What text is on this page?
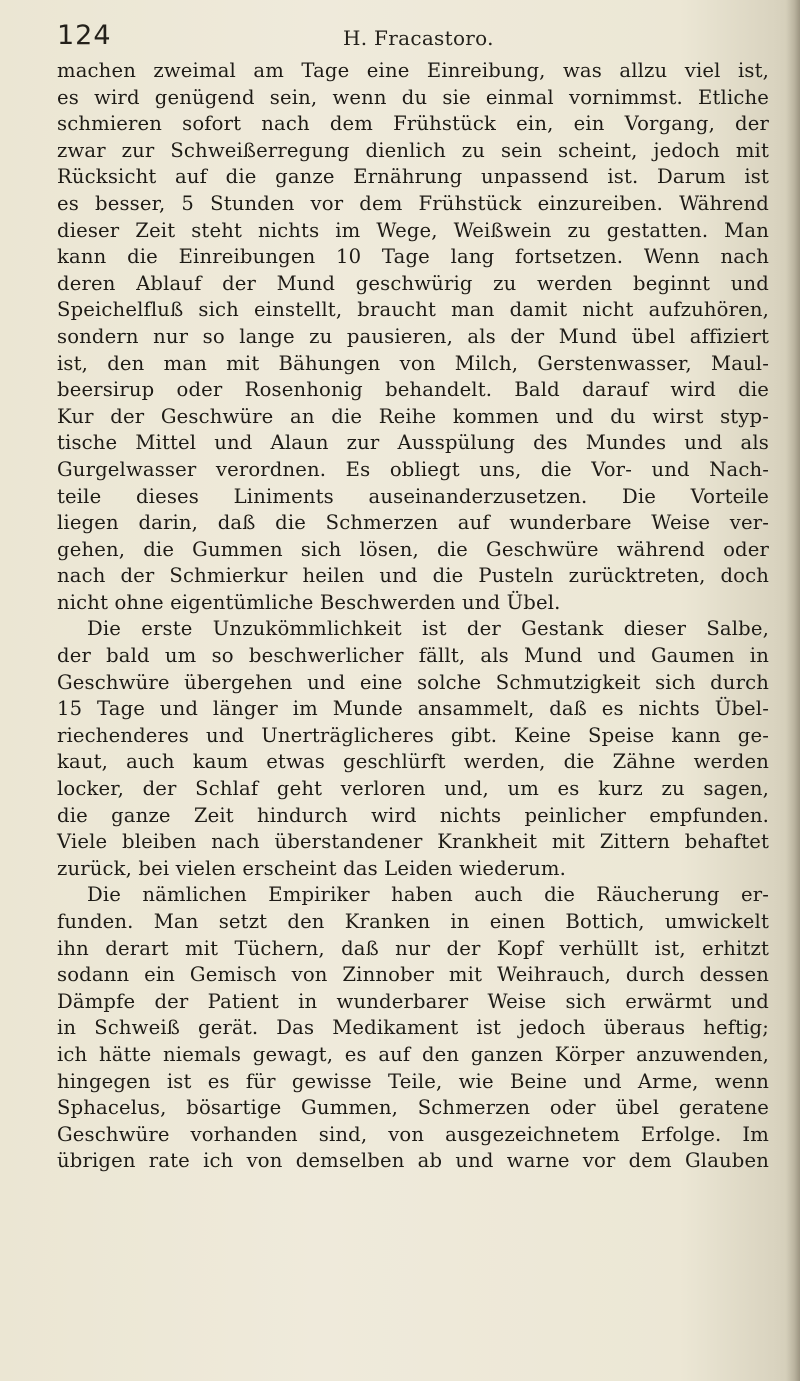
124	H. Fracastoro.
machen zweimal am Tage eine Einreibung, was allzu viel ist,
es wird genügend sein, wenn du sie einmal vornimmst. Etliche
schmieren sofort nach dem Frühstück ein, ein Vorgang, der
zwar zur Schweißerregung dienlich zu sein scheint, jedoch mit
Rücksicht auf die ganze Ernährung unpassend ist. Darum ist
es besser, 5 Stunden vor dem Frühstück einzureiben. Während
dieser Zeit steht nichts im Wege, Weißwein zu gestatten. Man
kann die Einreibungen 10 Tage lang fortsetzen. Wenn nach
deren Ablauf der Mund geschwürig zu werden beginnt und
Speichelfluß sich einstellt, braucht man damit nicht aufzuhören,
sondern nur so lange zu pausieren, als der Mund übel affiziert
ist, den man mit Bähungen von Milch, Gerstenwasser, Maul-
beersirup oder Rosenhonig behandelt. Bald darauf wird die
Kur der Geschwüre an die Reihe kommen und du wirst styp-
tische Mittel und Alaun zur Ausspülung des Mundes und als
Gurgelwasser verordnen. Es obliegt uns, die Vor- und Nach-
teile dieses Liniments auseinanderzusetzen. Die Vorteile
liegen darin, daß die Schmerzen auf wunderbare Weise ver-
gehen, die Gummen sich lösen, die Geschwüre während oder
nach der Schmierkur heilen und die Pusteln zurücktreten, doch
nicht ohne eigentümliche Beschwerden und Übel.
Die erste Unzukömmlichkeit ist der Gestank dieser Salbe,
der bald um so beschwerlicher fällt, als Mund und Gaumen in
Geschwüre übergehen und eine solche Schmutzigkeit sich durch
15 Tage und länger im Munde ansammelt, daß es nichts Übel-
riechenderes und Unerträglicheres gibt. Keine Speise kann ge-
kaut, auch kaum etwas geschlürft werden, die Zähne werden
locker, der Schlaf geht verloren und, um es kurz zu sagen,
die ganze Zeit hindurch wird nichts peinlicher empfunden.
Viele bleiben nach überstandener Krankheit mit Zittern behaftet
zurück, bei vielen erscheint das Leiden wiederum.
Die nämlichen Empiriker haben auch die Räucherung er-
funden. Man setzt den Kranken in einen Bottich, umwickelt
ihn derart mit Tüchern, daß nur der Kopf verhüllt ist, erhitzt
sodann ein Gemisch von Zinnober mit Weihrauch, durch dessen
Dämpfe der Patient in wunderbarer Weise sich erwärmt und
in Schweiß gerät. Das Medikament ist jedoch überaus heftig;
ich hätte niemals gewagt, es auf den ganzen Körper anzuwenden,
hingegen ist es für gewisse Teile, wie Beine und Arme, wenn
Sphacelus, bösartige Gummen, Schmerzen oder übel geratene
Geschwüre vorhanden sind, von ausgezeichnetem Erfolge. Im
übrigen rate ich von demselben ab und warne vor dem Glauben
